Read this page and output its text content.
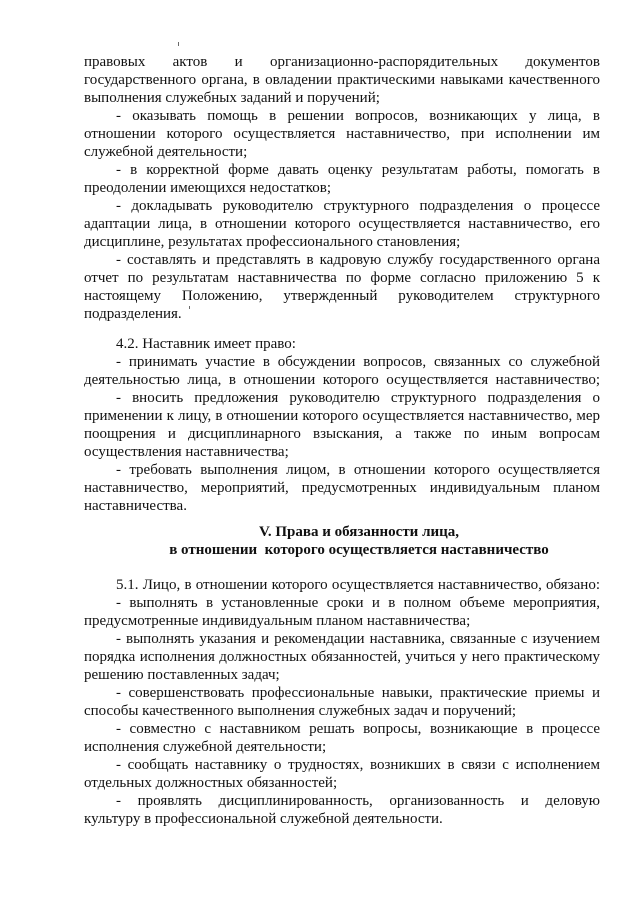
правовых актов и организационно-распорядительных документов
государственного органа, в овладении практическими навыками качественного
выполнения служебных заданий и поручений;
- оказывать помощь в решении вопросов, возникающих у лица, в
отношении которого осуществляется наставничество, при исполнении им
служебной деятельности;
- в корректной форме давать оценку результатам работы, помогать в
преодолении имеющихся недостатков;
- докладывать руководителю структурного подразделения о процессе
адаптации лица, в отношении которого осуществляется наставничество, его
дисциплине, результатах профессионального становления;
- составлять и представлять в кадровую службу государственного органа
отчет по результатам наставничества по форме согласно приложению 5 к
настоящему Положению, утвержденный руководителем структурного
подразделения.
4.2. Наставник имеет право:
- принимать участие в обсуждении вопросов, связанных со служебной
деятельностью лица, в отношении которого осуществляется наставничество;
- вносить предложения руководителю структурного подразделения о
применении к лицу, в отношении которого осуществляется наставничество, мер
поощрения и дисциплинарного взыскания, а также по иным вопросам
осуществления наставничества;
- требовать выполнения лицом, в отношении которого осуществляется
наставничество, мероприятий, предусмотренных индивидуальным планом
наставничества.
V. Права и обязанности лица,
в отношении  которого осуществляется наставничество
5.1. Лицо, в отношении которого осуществляется наставничество, обязано:
- выполнять в установленные сроки и в полном объеме мероприятия,
предусмотренные индивидуальным планом наставничества;
- выполнять указания и рекомендации наставника, связанные с изучением
порядка исполнения должностных обязанностей, учиться у него практическому
решению поставленных задач;
- совершенствовать профессиональные навыки, практические приемы и
способы качественного выполнения служебных задач и поручений;
- совместно с наставником решать вопросы, возникающие в процессе
исполнения служебной деятельности;
- сообщать наставнику о трудностях, возникших в связи с исполнением
отдельных должностных обязанностей;
- проявлять дисциплинированность, организованность и деловую
культуру в профессиональной служебной деятельности.
